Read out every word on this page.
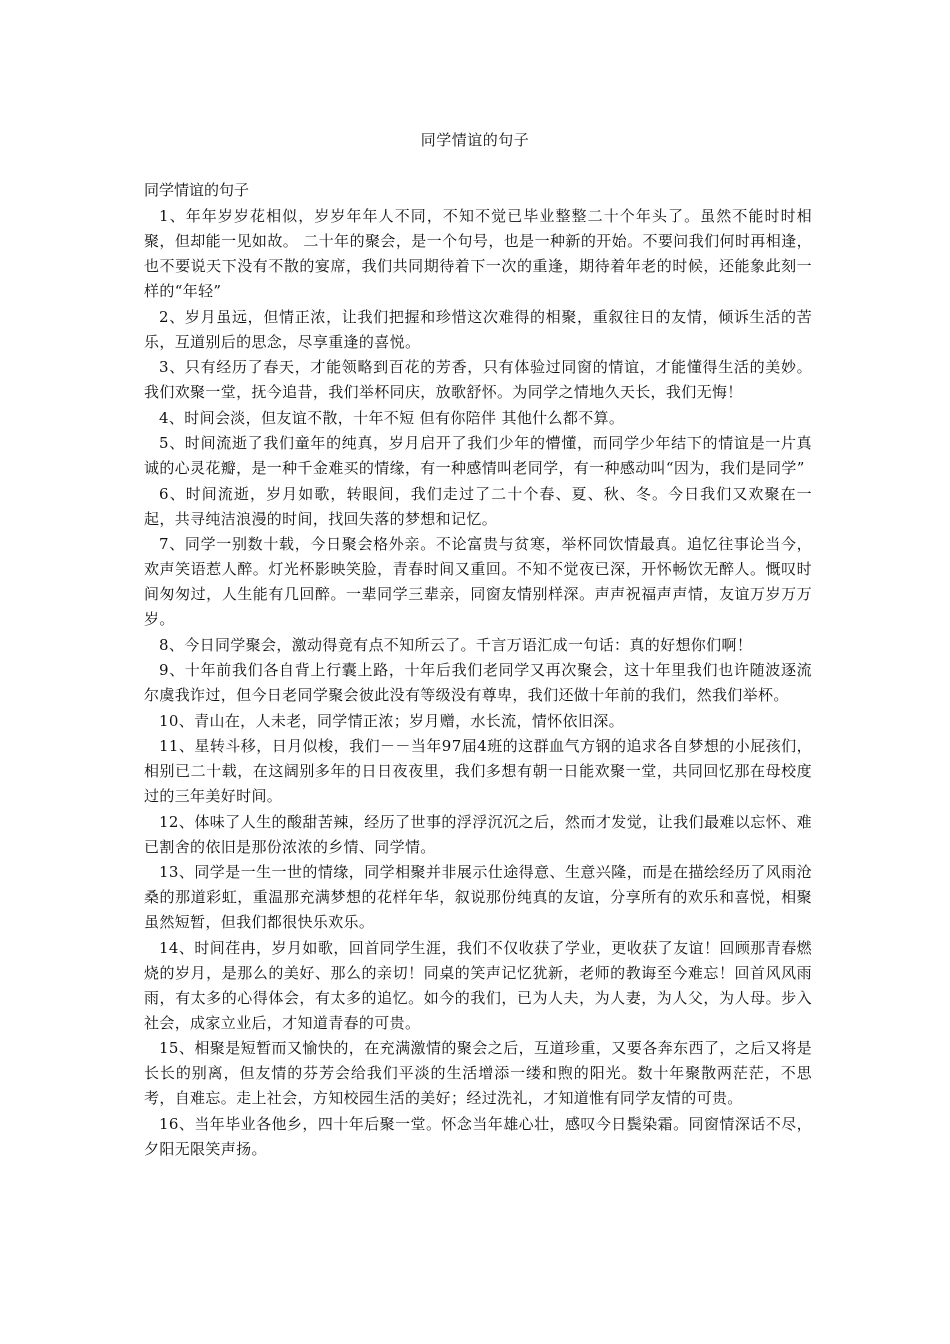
同学情谊的句子
同学情谊的句子

1、年年岁岁花相似，岁岁年年人不同，不知不觉已毕业整整二十个年头了。虽然不能时时相聚，但却能一见如故。 二十年的聚会，是一个句号，也是一种新的开始。不要问我们何时再相逢，也不要说天下没有不散的宴席，我们共同期待着下一次的重逢，期待着年老的时候，还能象此刻一样的“年轻”

2、岁月虽远，但情正浓，让我们把握和珍惜这次难得的相聚，重叙往日的友情，倾诉生活的苦乐，互道别后的思念，尽享重逢的喜悦。

3、只有经历了春天，才能领略到百花的芳香，只有体验过同窗的情谊，才能懂得生活的美妙。我们欢聚一堂，抚今追昔，我们举杯同庆，放歌舒怀。为同学之情地久天长，我们无悔！

4、时间会淡，但友谊不散，十年不短 但有你陪伴 其他什么都不算。

5、时间流逝了我们童年的纯真，岁月启开了我们少年的懵懂，而同学少年结下的情谊是一片真诚的心灵花瓣，是一种千金难买的情缘，有一种感情叫老同学，有一种感动叫“因为，我们是同学”

6、时间流逝，岁月如歌，转眼间，我们走过了二十个春、夏、秋、冬。今日我们又欢聚在一起，共寻纯洁浪漫的时间，找回失落的梦想和记忆。

7、同学一别数十载，今日聚会格外亲。不论富贵与贫寒，举杯同饮情最真。追忆往事论当今，欢声笑语惹人醉。灯光杯影映笑脸，青春时间又重回。不知不觉夜已深，开怀畅饮无醉人。慨叹时间匆匆过，人生能有几回醉。一辈同学三辈亲，同窗友情别样深。声声祝福声声情，友谊万岁万万岁。

8、今日同学聚会，激动得竟有点不知所云了。千言万语汇成一句话：真的好想你们啊！

9、十年前我们各自背上行囊上路，十年后我们老同学又再次聚会，这十年里我们也许随波逐流尔虞我诈过，但今日老同学聚会彼此没有等级没有尊卑，我们还做十年前的我们，然我们举杯。

10、青山在，人未老，同学情正浓；岁月赠，水长流，情怀依旧深。

11、星转斗移，日月似梭，我们－－当年97届4班的这群血气方钢的追求各自梦想的小屁孩们，相别已二十载，在这阔别多年的日日夜夜里，我们多想有朝一日能欢聚一堂，共同回忆那在母校度过的三年美好时间。

12、体味了人生的酸甜苦辣，经历了世事的浮浮沉沉之后，然而才发觉，让我们最难以忘怀、难已割舍的依旧是那份浓浓的乡情、同学情。

13、同学是一生一世的情缘，同学相聚并非展示仕途得意、生意兴隆，而是在描绘经历了风雨沧桑的那道彩虹，重温那充满梦想的花样年华，叙说那份纯真的友谊，分享所有的欢乐和喜悦，相聚虽然短暂，但我们都很快乐欢乐。

14、时间荏冉，岁月如歌，回首同学生涯，我们不仅收获了学业，更收获了友谊！回顾那青春燃烧的岁月，是那么的美好、那么的亲切！同桌的笑声记忆犹新，老师的教诲至今难忘！回首风风雨雨，有太多的心得体会，有太多的追忆。如今的我们，已为人夫，为人妻，为人父，为人母。步入社会，成家立业后，才知道青春的可贵。

15、相聚是短暂而又愉快的，在充满激情的聚会之后，互道珍重，又要各奔东西了，之后又将是长长的别离，但友情的芬芳会给我们平淡的生活增添一缕和煦的阳光。数十年聚散两茫茫，不思考，自难忘。走上社会，方知校园生活的美好；经过洗礼，才知道惟有同学友情的可贵。

16、当年毕业各他乡，四十年后聚一堂。怀念当年雄心壮，感叹今日鬓染霜。同窗情深话不尽，夕阳无限笑声扬。
